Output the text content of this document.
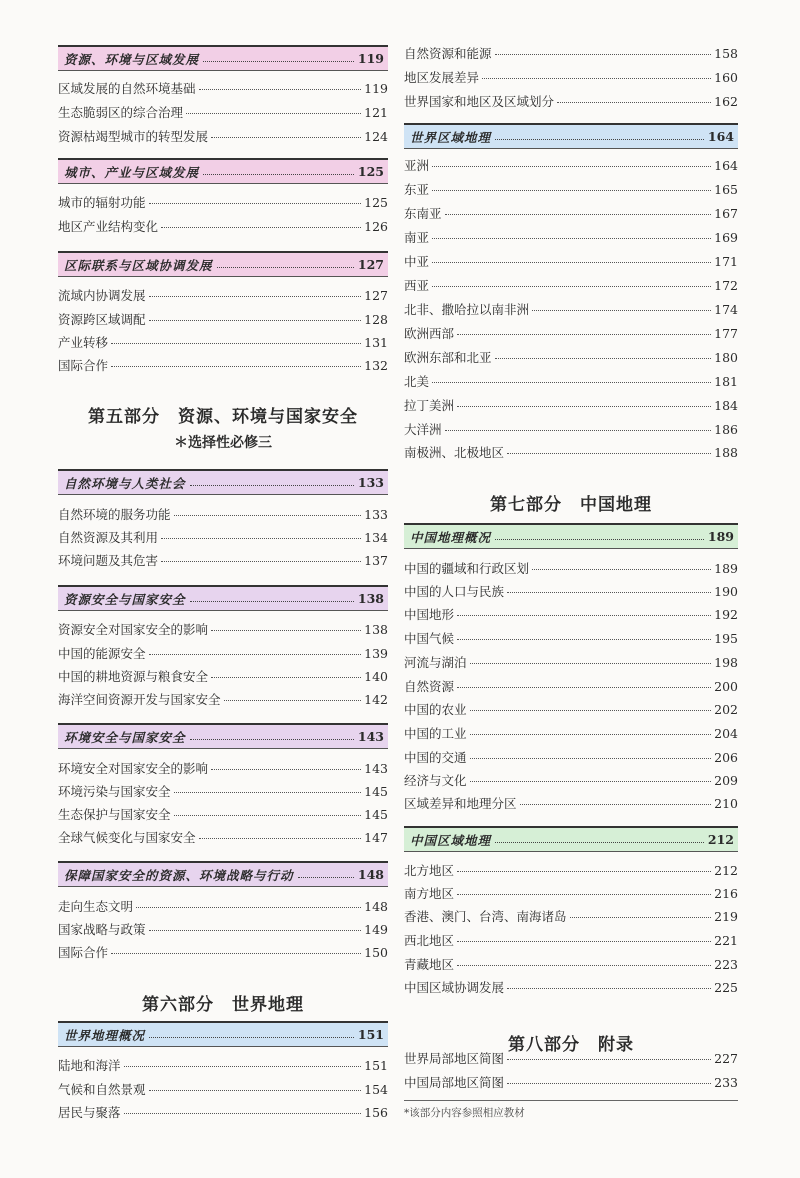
资源、环境与区域发展	119
区域发展的自然环境基础	119
生态脆弱区的综合治理	121
资源枯竭型城市的转型发展	124
城市、产业与区域发展	125
城市的辐射功能	125
地区产业结构变化	126
区际联系与区域协调发展	127
流域内协调发展	127
资源跨区域调配	128
产业转移	131
国际合作	132
第五部分　资源、环境与国家安全
＊选择性必修三
自然环境与人类社会	133
自然环境的服务功能	133
自然资源及其利用	134
环境问题及其危害	137
资源安全与国家安全	138
资源安全对国家安全的影响	138
中国的能源安全	139
中国的耕地资源与粮食安全	140
海洋空间资源开发与国家安全	142
环境安全与国家安全	143
环境安全对国家安全的影响	143
环境污染与国家安全	145
生态保护与国家安全	145
全球气候变化与国家安全	147
保障国家安全的资源、环境战略与行动	148
走向生态文明	148
国家战略与政策	149
国际合作	150
第六部分　世界地理
世界地理概况	151
陆地和海洋	151
气候和自然景观	154
居民与聚落	156
自然资源和能源	158
地区发展差异	160
世界国家和地区及区域划分	162
世界区域地理	164
亚洲	164
东亚	165
东南亚	167
南亚	169
中亚	171
西亚	172
北非、撒哈拉以南非洲	174
欧洲西部	177
欧洲东部和北亚	180
北美	181
拉丁美洲	184
大洋洲	186
南极洲、北极地区	188
第七部分　中国地理
中国地理概况	189
中国的疆域和行政区划	189
中国的人口与民族	190
中国地形	192
中国气候	195
河流与湖泊	198
自然资源	200
中国的农业	202
中国的工业	204
中国的交通	206
经济与文化	209
区域差异和地理分区	210
中国区域地理	212
北方地区	212
南方地区	216
香港、澳门、台湾、南海诸岛	219
西北地区	221
青藏地区	223
中国区域协调发展	225
第八部分　附录
世界局部地区简图	227
中国局部地区简图	233
*该部分内容参照相应教材
